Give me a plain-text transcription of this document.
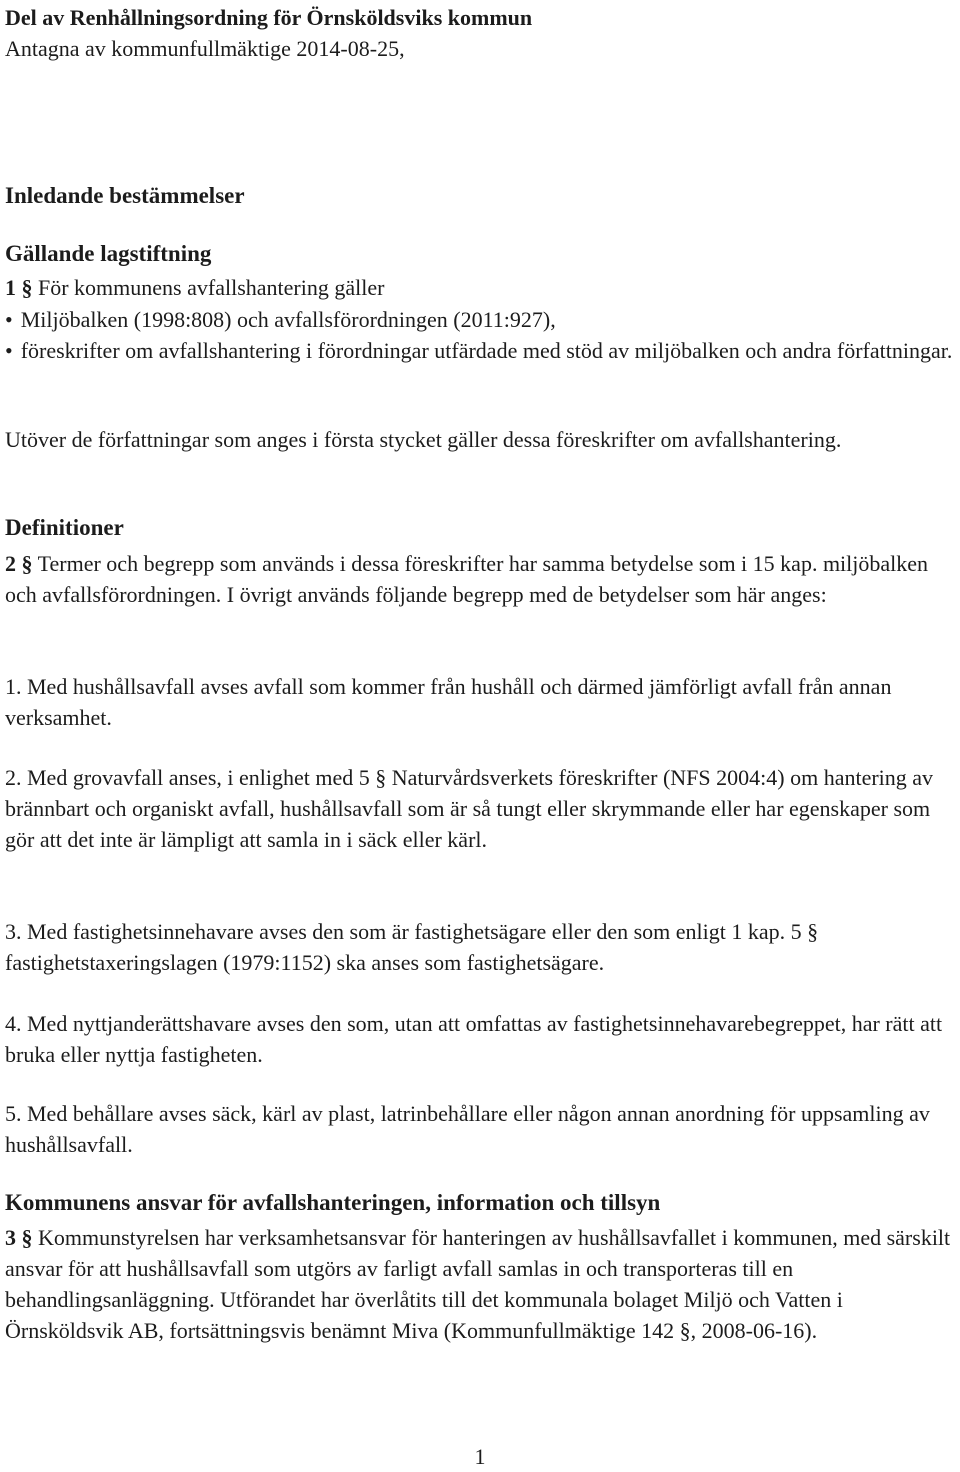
Del av Renhållningsordning för Örnsköldsviks kommun

Antagna av kommunfullmäktige 2014-08-25,

Inledande bestämmelser

Gällande lagstiftning

1 § För kommunens avfallshantering gäller

• Miljöbalken (1998:808) och avfallsförordningen (2011:927),

• föreskrifter om avfallshantering i förordningar utfärdade med stöd av miljöbalken och andra författningar.

Utöver de författningar som anges i första stycket gäller dessa föreskrifter om avfallshantering.

Definitioner

2 § Termer och begrepp som används i dessa föreskrifter har samma betydelse som i 15 kap. miljöbalken och avfallsförordningen. I övrigt används följande begrepp med de betydelser som här anges:

1. Med hushållsavfall avses avfall som kommer från hushåll och därmed jämförligt avfall från annan verksamhet.

2. Med grovavfall anses, i enlighet med 5 § Naturvårdsverkets föreskrifter (NFS 2004:4) om hantering av brännbart och organiskt avfall, hushållsavfall som är så tungt eller skrymmande eller har egenskaper som gör att det inte är lämpligt att samla in i säck eller kärl.

3. Med fastighetsinnehavare avses den som är fastighetsägare eller den som enligt 1 kap. 5 § fastighetstaxeringslagen (1979:1152) ska anses som fastighetsägare.

4. Med nyttjanderättshavare avses den som, utan att omfattas av fastighetsinnehavarebegreppet, har rätt att bruka eller nyttja fastigheten.

5. Med behållare avses säck, kärl av plast, latrinbehållare eller någon annan anordning för uppsamling av hushållsavfall.

Kommunens ansvar för avfallshanteringen, information och tillsyn

3 § Kommunstyrelsen har verksamhetsansvar för hanteringen av hushållsavfallet i kommunen, med särskilt ansvar för att hushållsavfall som utgörs av farligt avfall samlas in och transporteras till en behandlingsanläggning. Utförandet har överlåtits till det kommunala bolaget Miljö och Vatten i Örnsköldsvik AB, fortsättningsvis benämnt Miva (Kommunfullmäktige 142 §, 2008-06-16).

1
